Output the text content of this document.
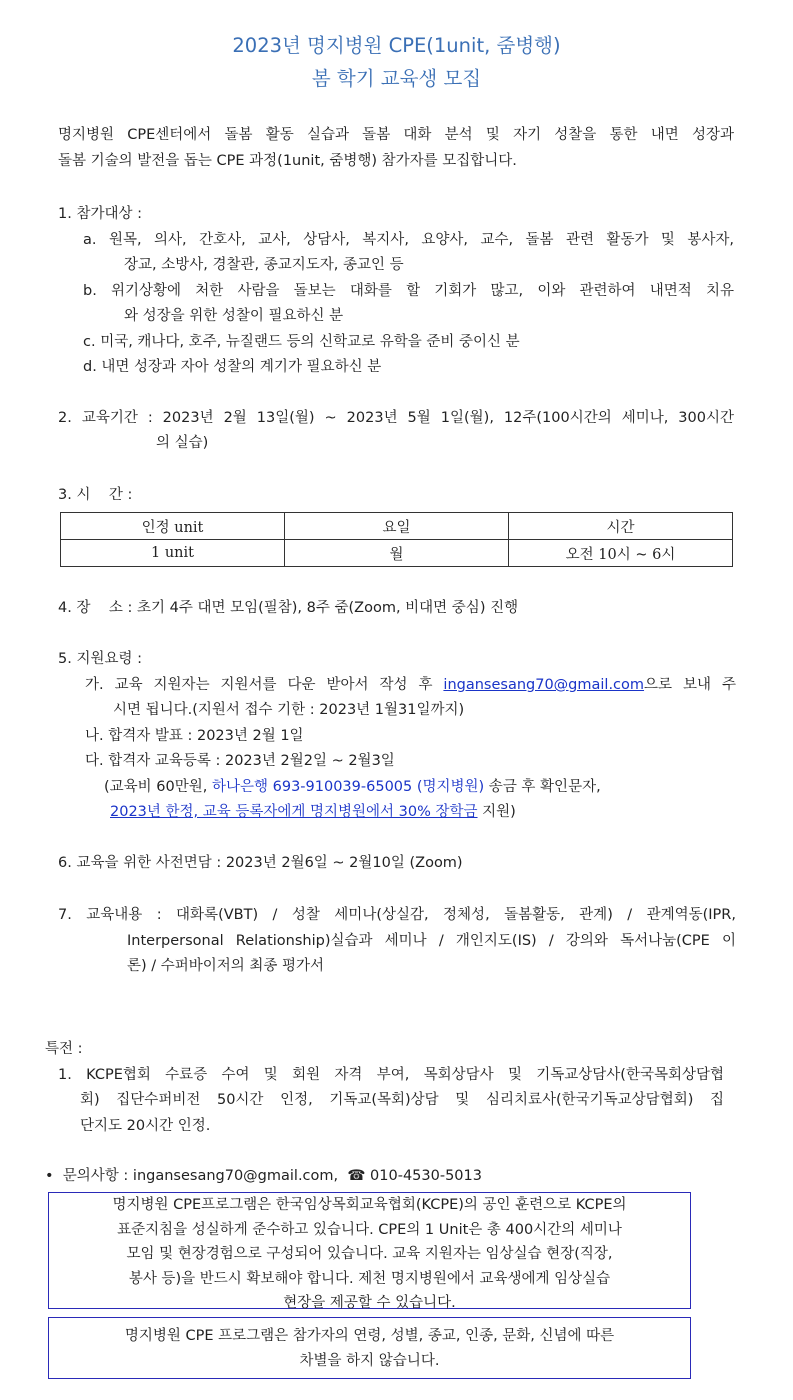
2023년 명지병원 CPE(1unit, 줌병행)
봄 학기 교육생 모집
명지병원 CPE센터에서 돌봄 활동 실습과 돌봄 대화 분석 및 자기 성찰을 통한 내면 성장과
돌봄 기술의 발전을 돕는 CPE 과정(1unit, 줌병행) 참가자를 모집합니다.
1. 참가대상 :
a. 원목, 의사, 간호사, 교사, 상담사, 복지사, 요양사, 교수, 돌봄 관련 활동가 및 봉사자,
장교, 소방사, 경찰관, 종교지도자, 종교인 등
b. 위기상황에 처한 사람을 돌보는 대화를 할 기회가 많고, 이와 관련하여 내면적 치유
와 성장을 위한 성찰이 필요하신 분
c. 미국, 캐나다, 호주, 뉴질랜드 등의 신학교로 유학을 준비 중이신 분
d. 내면 성장과 자아 성찰의 계기가 필요하신 분
2. 교육기간 : 2023년 2월 13일(월) ~ 2023년 5월 1일(월), 12주(100시간의 세미나, 300시간
의 실습)
3. 시    간 :
인정 unit	요일	시간
1 unit	월	오전 10시 ~ 6시
4. 장    소 : 초기 4주 대면 모임(필참), 8주 줌(Zoom, 비대면 중심) 진행
5. 지원요령 :
가. 교육 지원자는 지원서를 다운 받아서 작성 후 ingansesang70@gmail.com으로 보내 주
시면 됩니다.(지원서 접수 기한 : 2023년 1월31일까지)
나. 합격자 발표 : 2023년 2월 1일
다. 합격자 교육등록 : 2023년 2월2일 ~ 2월3일
(교육비 60만원, 하나은행 693-910039-65005 (명지병원) 송금 후 확인문자,
2023년 한정, 교육 등록자에게 명지병원에서 30% 장학금 지원)
6. 교육을 위한 사전면담 : 2023년 2월6일 ~ 2월10일 (Zoom)
7. 교육내용 : 대화록(VBT) / 성찰 세미나(상실감, 정체성, 돌봄활동, 관계) / 관계역동(IPR,
Interpersonal Relationship)실습과 세미나 / 개인지도(IS) / 강의와 독서나눔(CPE 이
론) / 수퍼바이저의 최종 평가서
특전 :
1. KCPE협회 수료증 수여 및 회원 자격 부여, 목회상담사 및 기독교상담사(한국목회상담협
회) 집단수퍼비전 50시간 인정, 기독교(목회)상담 및 심리치료사(한국기독교상담협회) 집
단지도 20시간 인정.
• 문의사항 : ingansesang70@gmail.com, ☎ 010-4530-5013
명지병원 CPE프로그램은 한국임상목회교육협회(KCPE)의 공인 훈련으로 KCPE의
표준지침을 성실하게 준수하고 있습니다. CPE의 1 Unit은 총 400시간의 세미나
모임 및 현장경험으로 구성되어 있습니다. 교육 지원자는 임상실습 현장(직장,
봉사 등)을 반드시 확보해야 합니다. 제천 명지병원에서 교육생에게 임상실습
현장을 제공할 수 있습니다.
명지병원 CPE 프로그램은 참가자의 연령, 성별, 종교, 인종, 문화, 신념에 따른
차별을 하지 않습니다.
